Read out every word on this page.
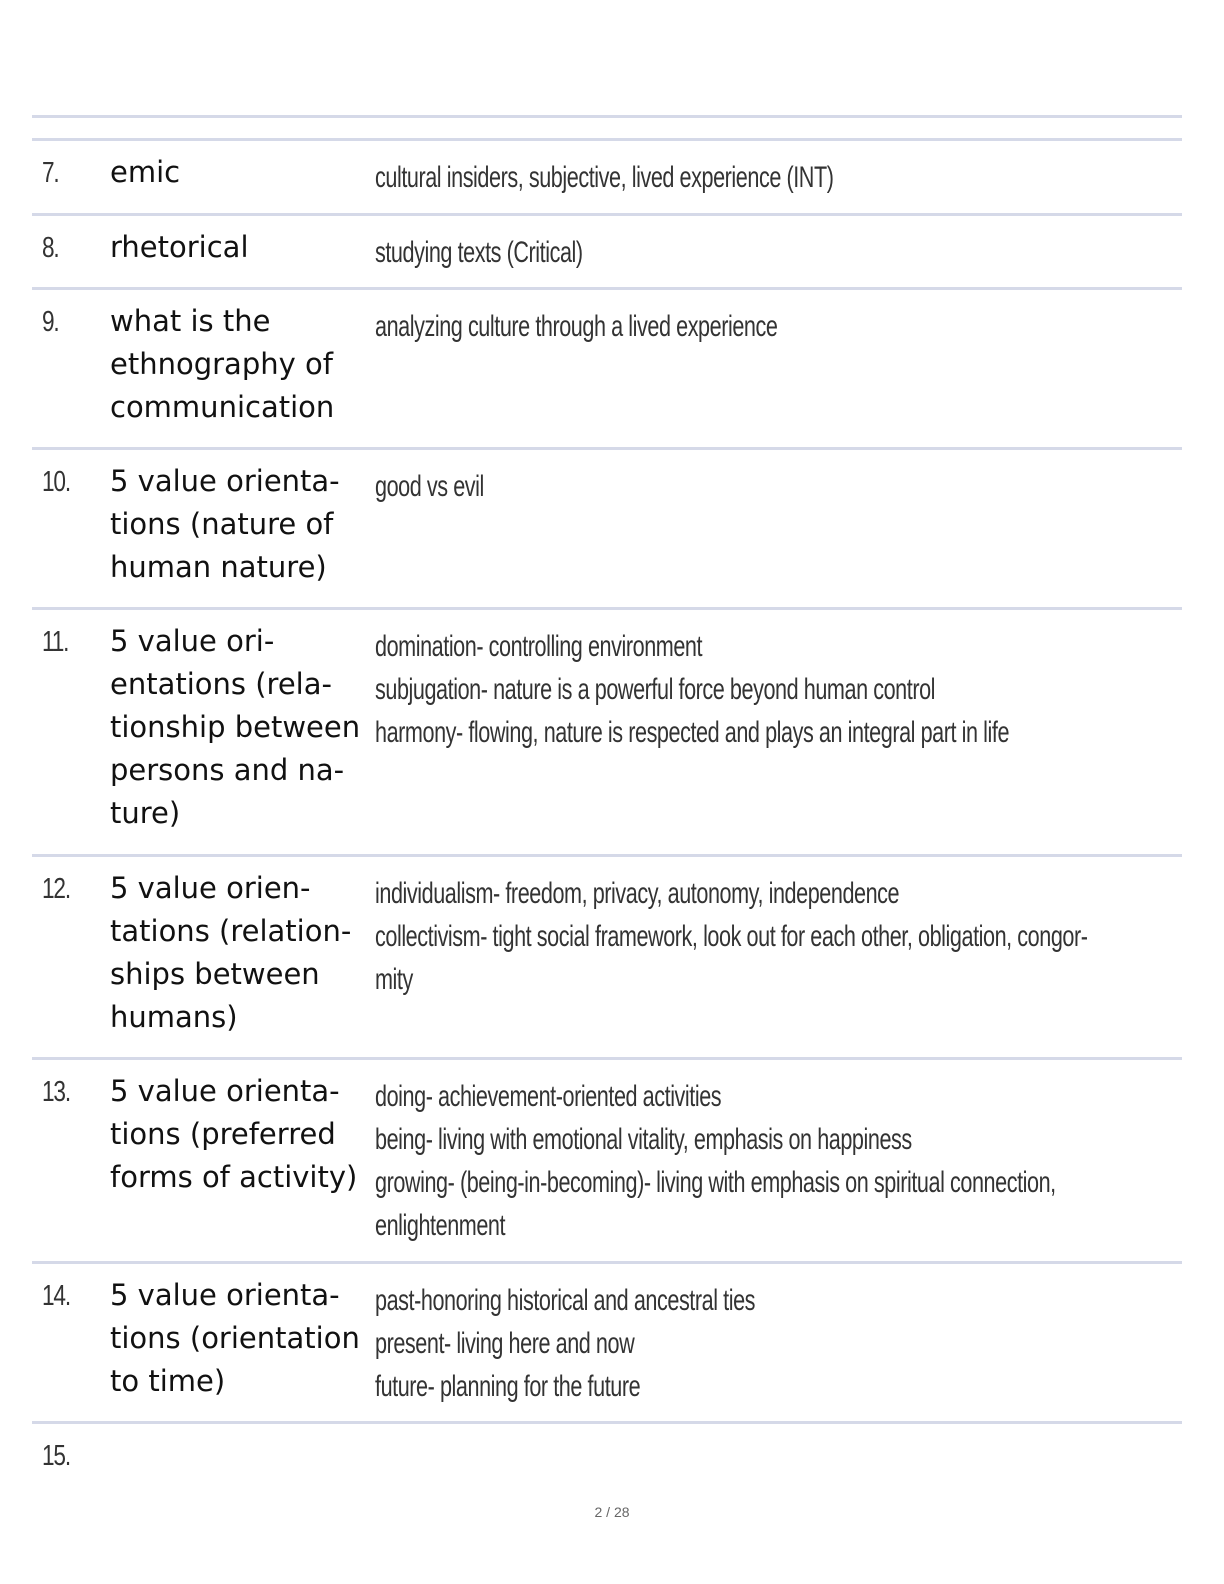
7. emic	cultural insiders, subjective, lived experience (INT)
8. rhetorical	studying texts (Critical)
9. what is the
ethnography of
communication
analyzing culture through a lived experience
10. 5 value orienta-
tions (nature of
human nature)
good vs evil
11. 5 value ori-
entations (rela-
tionship between
persons and na-
ture)
domination- controlling environment
subjugation- nature is a powerful force beyond human control
harmony- flowing, nature is respected and plays an integral part in life
12. 5 value orien-
tations (relation-
ships between
humans)
individualism- freedom, privacy, autonomy, independence
collectivism- tight social framework, look out for each other, obligation, congor-
mity
13. 5 value orienta-
tions (preferred
forms of activity)
doing- achievement-oriented activities
being- living with emotional vitality, emphasis on happiness
growing- (being-in-becoming)- living with emphasis on spiritual connection,
enlightenment
14. 5 value orienta-
tions (orientation
to time)
past-honoring historical and ancestral ties
present- living here and now
future- planning for the future
15.
2 / 28
